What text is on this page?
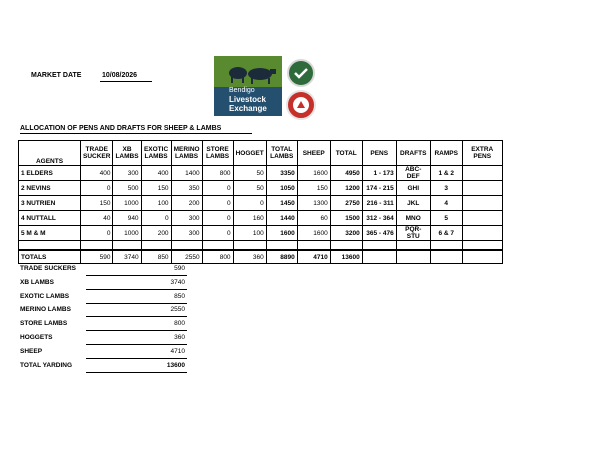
MARKET DATE	10/08/2026
Bendigo
Livestock
Exchange
ALLOCATION OF PENS AND DRAFTS FOR SHEEP & LAMBS
AGENTS	TRADE SUCKER	XB LAMBS	EXOTIC LAMBS	MERINO LAMBS	STORE LAMBS	HOGGET	TOTAL LAMBS	SHEEP	TOTAL	PENS	DRAFTS	RAMPS	EXTRA PENS
1 ELDERS	400	300	400	1400	800	50	3350	1600	4950	1 - 173	ABC-DEF	1 & 2	
2 NEVINS	0	500	150	350	0	50	1050	150	1200	174 - 215	GHI	3	
3 NUTRIEN	150	1000	100	200	0	0	1450	1300	2750	216 - 311	JKL	4	
4 NUTTALL	40	940	0	300	0	160	1440	60	1500	312 - 364	MNO	5	
5 M & M	0	1000	200	300	0	100	1600	1600	3200	365 - 476	PQR-STU	6 & 7	

TOTALS	590	3740	850	2550	800	360	8890	4710	13600				
TRADE SUCKERS	590
XB LAMBS	3740
EXOTIC LAMBS	850
MERINO LAMBS	2550
STORE LAMBS	800
HOGGETS	360
SHEEP	4710
TOTAL YARDING	13600
